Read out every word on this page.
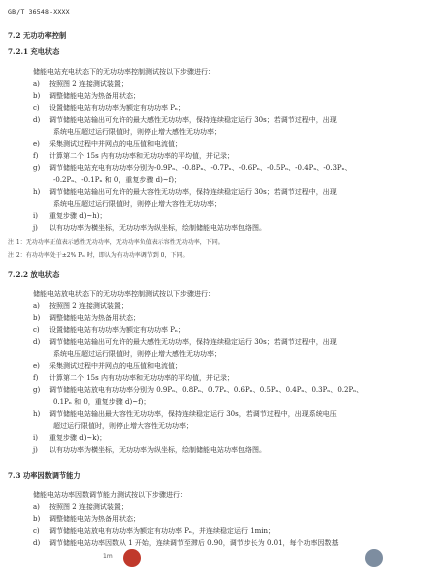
GB/T 36548-XXXX
7.2 无功功率控制
7.2.1 充电状态
储能电站充电状态下的无功功率控制测试按以下步骤进行：
a) 按照图 2 连接测试装置；
b) 调整储能电站为热备用状态；
c) 设置储能电站有功功率为额定有功功率 Pₙ；
d) 调节储能电站输出可允许的最大感性无功功率，保持连续稳定运行 30s；若调节过程中，出现
系统电压超过运行限值时，则停止增大感性无功功率；
e) 采集测试过程中并网点的电压值和电流值；
f) 计算第二个 15s 内有功功率和无功功率的平均值，并记录；
g) 调节储能电站充电有功功率分别为-0.9Pₙ、-0.8Pₙ、-0.7Pₙ、-0.6Pₙ、-0.5Pₙ、-0.4Pₙ、-0.3Pₙ、
-0.2Pₙ、-0.1Pₙ 和 0，重复步骤 d)~f)；
h) 调节储能电站输出可允许的最大容性无功功率，保持连续稳定运行 30s；若调节过程中，出现
系统电压超过运行限值时，则停止增大容性无功功率；
i) 重复步骤 d)~h)；
j) 以有功功率为横坐标，无功功率为纵坐标，绘制储能电站功率包络图。
注 1：无功功率正值表示感性无功功率，无功功率负值表示容性无功功率，下同。
注 2：有功功率处于±2% Pₙ 时，即认为有功功率调节到 0，下同。
7.2.2 放电状态
储能电站放电状态下的无功功率控制测试按以下步骤进行：
a) 按照图 2 连接测试装置；
b) 调整储能电站为热备用状态；
c) 设置储能电站有功功率为额定有功功率 Pₙ；
d) 调节储能电站输出可允许的最大感性无功功率，保持连续稳定运行 30s；若调节过程中，出现
系统电压超过运行限值时，则停止增大感性无功功率；
e) 采集测试过程中并网点的电压值和电流值；
f) 计算第二个 15s 内有功功率和无功功率的平均值，并记录；
g) 调节储能电站放电有功功率分别为 0.9Pₙ、0.8Pₙ、0.7Pₙ、0.6Pₙ、0.5Pₙ、0.4Pₙ、0.3Pₙ、0.2Pₙ、
0.1Pₙ 和 0，重复步骤 d)~f)；
h) 调节储能电站输出最大容性无功功率，保持连续稳定运行 30s，若调节过程中，出现系统电压
超过运行限值时，则停止增大容性无功功率；
i) 重复步骤 d)~k)；
j) 以有功功率为横坐标，无功功率为纵坐标，绘制储能电站功率包络图。
7.3 功率因数调节能力
储能电站功率因数调节能力测试按以下步骤进行：
a) 按照图 2 连接测试装置；
b) 调整储能电站为热备用状态；
c) 调节储能电站放电有功功率为额定有功功率 Pₙ，并连续稳定运行 1min；
d) 调节储能电站功率因数从 1 开始，连续调节至滞后 0.90，调节步长为 0.01，每个功率因数基
1m
